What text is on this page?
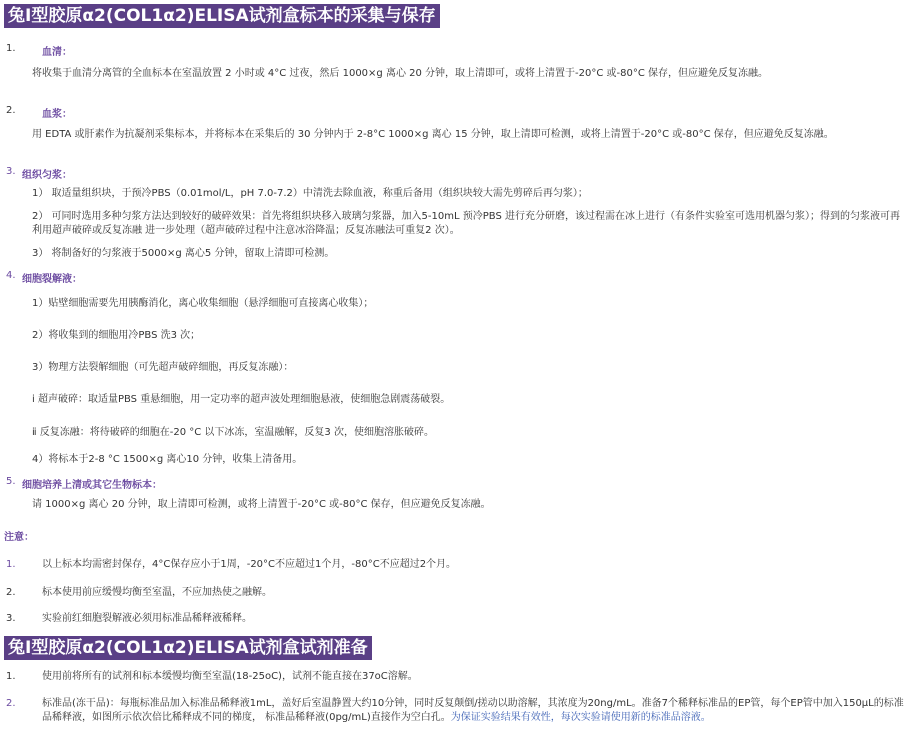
兔Ⅰ型胶原α2(COL1α2)ELISA试剂盒标本的采集与保存
1.	血清：
将收集于血清分离管的全血标本在室温放置 2 小时或 4°C 过夜，然后 1000×g 离心 20 分钟，取上清即可，或将上清置于-20°C 或-80°C 保存，但应避免反复冻融。
2.	血浆：
用 EDTA 或肝素作为抗凝剂采集标本，并将标本在采集后的 30 分钟内于 2-8°C 1000×g 离心 15 分钟，取上清即可检测，或将上清置于-20°C 或-80°C 保存，但应避免反复冻融。
3. 组织匀浆：
1） 取适量组织块，于预冷PBS（0.01mol/L，pH 7.0-7.2）中清洗去除血液，称重后备用（组织块较大需先剪碎后再匀浆）；
2） 可同时选用多种匀浆方法达到较好的破碎效果：首先将组织块移入玻璃匀浆器，加入5-10mL 预冷PBS 进行充分研磨，该过程需在冰上进行（有条件实验室可选用机器匀浆）；得到的匀浆液可再利用超声破碎或反复冻融 进一步处理（超声破碎过程中注意冰浴降温；反复冻融法可重复2 次）。
3） 将制备好的匀浆液于5000×g 离心5 分钟，留取上清即可检测。
4. 细胞裂解液：
1）贴壁细胞需要先用胰酶消化，离心收集细胞（悬浮细胞可直接离心收集）；
2）将收集到的细胞用冷PBS 洗3 次；
3）物理方法裂解细胞（可先超声破碎细胞，再反复冻融）：
ⅰ 超声破碎：取适量PBS 重悬细胞，用一定功率的超声波处理细胞悬液，使细胞急剧震荡破裂。
ⅱ 反复冻融：将待破碎的细胞在-20 °C 以下冰冻，室温融解，反复3 次，使细胞溶胀破碎。
4）将标本于2-8 °C 1500×g 离心10 分钟，收集上清备用。
5. 细胞培养上清或其它生物标本：
请 1000×g 离心 20 分钟，取上清即可检测，或将上清置于-20°C 或-80°C 保存，但应避免反复冻融。
注意：
1.	以上标本均需密封保存，4°C保存应小于1周，-20°C不应超过1个月，-80°C不应超过2个月。
2.	标本使用前应缓慢均衡至室温，不应加热使之融解。
3.	实验前红细胞裂解液必须用标准品稀释液稀释。
兔Ⅰ型胶原α2(COL1α2)ELISA试剂盒试剂准备
1.	使用前将所有的试剂和标本缓慢均衡至室温(18-25oC)，试剂不能直接在37oC溶解。
2.	标准品(冻干品)：每瓶标准品加入标准品稀释液1mL，盖好后室温静置大约10分钟，同时反复颠倒/搓动以助溶解，其浓度为20ng/mL。准备7个稀释标准品的EP管，每个EP管中加入150μL的标准品稀释液，如图所示依次倍比稀释成不同的梯度， 标准品稀释液(0pg/mL)直接作为空白孔。为保证实验结果有效性，每次实验请使用新的标准品溶液。
